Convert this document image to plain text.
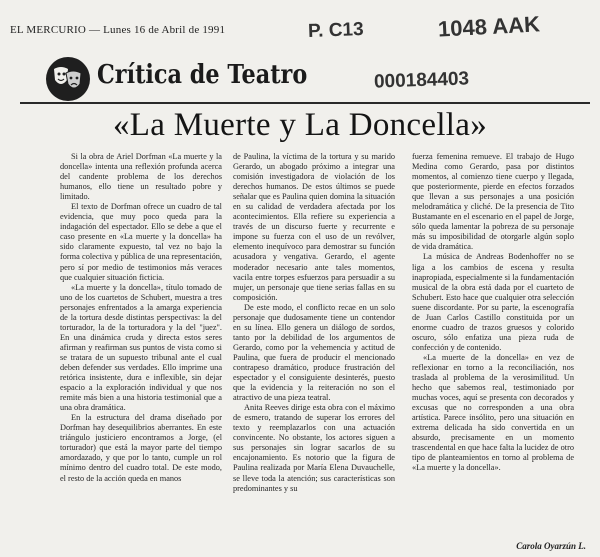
EL MERCURIO — Lunes 16 de Abril de 1991	P. C13	1048 AAK
000184403
Crítica de Teatro
«La Muerte y La Doncella»

Si la obra de Ariel Dorfman «La muerte y la doncella» intenta una reflexión profunda acerca del candente problema de los derechos humanos, ello tiene un resultado pobre y limitado.

El texto de Dorfman ofrece un cuadro de tal evidencia, que muy poco queda para la indagación del espectador. Ello se debe a que el caso presente en «La muerte y la doncella» ha sido claramente expuesto, tal vez no bajo la forma colectiva y pública de una representación, pero sí por medio de testimonios más veraces que cualquier situación ficticia.

«La muerte y la doncella», título tomado de uno de los cuartetos de Schubert, muestra a tres personajes enfrentados a la amarga experiencia de la tortura desde distintas perspectivas: la del torturador, la de la torturadora y la del "juez". En una dinámica cruda y directa estos seres afirman y reafirman sus puntos de vista como si se tratara de un supuesto tribunal ante el cual deben defender sus verdades. Ello imprime una retórica insistente, dura e inflexible, sin dejar espacio a la exploración individual y que nos remite más bien a una historia testimonial que a una obra dramática.

En la estructura del drama diseñado por Dorfman hay desequilibrios aberrantes. En este triángulo justiciero encontramos a Jorge, (el torturador) que está la mayor parte del tiempo amordazado, y que por lo tanto, cumple un rol mínimo dentro del cuadro total. De este modo, el resto de la acción queda en manos

de Paulina, la víctima de la tortura y su marido Gerardo, un abogado próximo a integrar una comisión investigadora de violación de los derechos humanos. De estos últimos se puede señalar que es Paulina quien domina la situación en su calidad de verdadera afectada por los acontecimientos. Ella refiere su experiencia a través de un discurso fuerte y recurrente e impone su fuerza con el uso de un revólver, elemento inequívoco para demostrar su función acusadora y vengativa. Gerardo, el agente moderador necesario ante tales momentos, vacila entre torpes esfuerzos para persuadir a su mujer, un personaje que tiene serias fallas en su composición.

De este modo, el conflicto recae en un solo personaje que dudosamente tiene un contendor en su línea. Ello genera un diálogo de sordos, tanto por la debilidad de los argumentos de Gerardo, como por la vehemencia y actitud de Paulina, que fuera de producir el mencionado contrapeso dramático, produce frustración del espectador y el consiguiente desinterés, puesto que la evidencia y la reiteración no son el atractivo de una pieza teatral.

Anita Reeves dirige esta obra con el máximo de esmero, tratando de superar los errores del texto y reemplazarlos con una actuación convincente. No obstante, los actores siguen a sus personajes sin lograr sacarlos de su encajonamiento. Es notorio que la figura de Paulina realizada por María Elena Duvauchelle, se lleve toda la atención; sus características son predominantes y su

fuerza femenina remueve. El trabajo de Hugo Medina como Gerardo, pasa por distintos momentos, al comienzo tiene cuerpo y llegada, que posteriormente, pierde en efectos forzados que llevan a sus personajes a una posición melodramática y cliché. De la presencia de Tito Bustamante en el escenario en el papel de Jorge, sólo queda lamentar la pobreza de su personaje más su imposibilidad de otorgarle algún soplo de vida dramática.

La música de Andreas Bodenhoffer no se liga a los cambios de escena y resulta inapropiada, especialmente si la fundamentación musical de la obra está dada por el cuarteto de Schubert. Esto hace que cualquier otra selección suene discordante. Por su parte, la escenografía de Juan Carlos Castillo constituida por un enorme cuadro de trazos gruesos y colorido oscuro, sólo enfatiza una pieza ruda de confección y de contenido.

«La muerte de la doncella» en vez de reflexionar en torno a la reconciliación, nos traslada al problema de la verosimilitud. Un hecho que sabemos real, testimoniado por muchas voces, aquí se presenta con decorados y excusas que no corresponden a una obra artística. Parece insólito, pero una situación en extrema delicada ha sido convertida en un absurdo, precisamente en un momento trascendental en que hace falta la lucidez de otro tipo de planteamientos en torno al problema de «La muerte y la doncella».

Carola Oyarzún L.
